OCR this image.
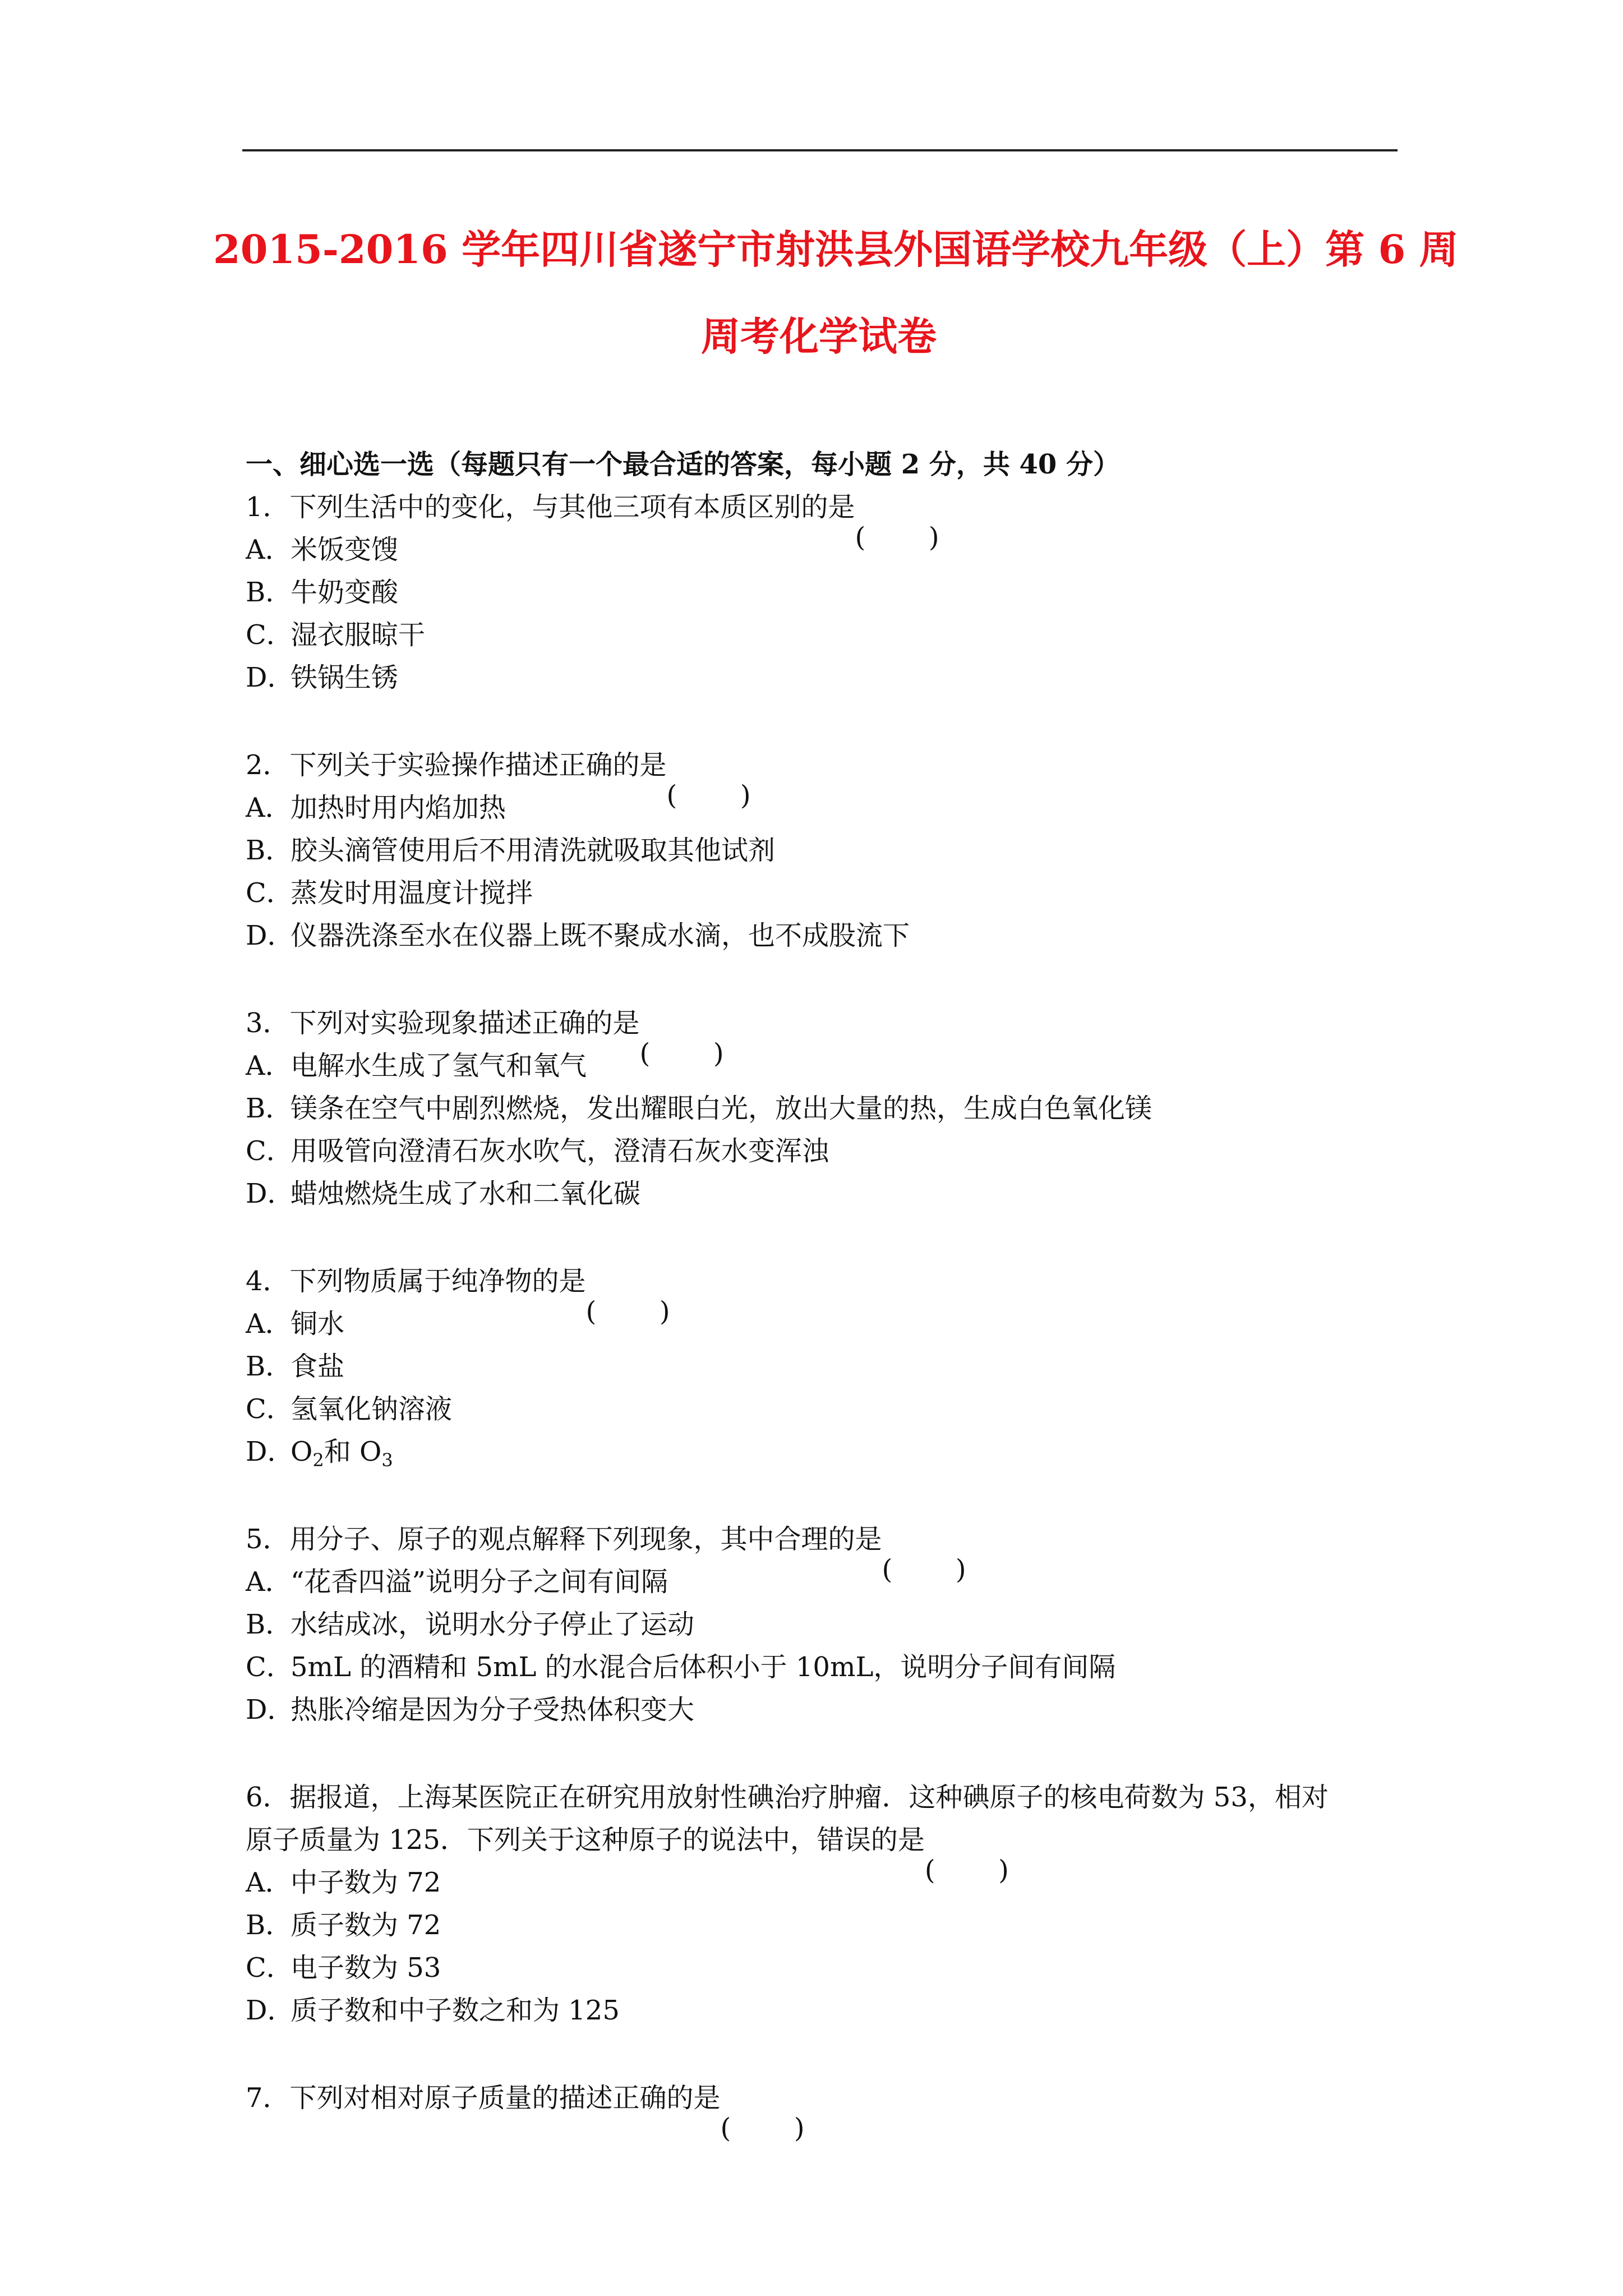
2015-2016 学年四川省遂宁市射洪县外国语学校九年级（上）第 6 周
周考化学试卷

一、细心选一选（每题只有一个最合适的答案，每小题 2 分，共 40 分）

1．下列生活中的变化，与其他三项有本质区别的是

A．米饭变馊
B．牛奶变酸
C．湿衣服晾干
D．铁锅生锈

2．下列关于实验操作描述正确的是

A．加热时用内焰加热
B．胶头滴管使用后不用清洗就吸取其他试剂
C．蒸发时用温度计搅拌
D．仪器洗涤至水在仪器上既不聚成水滴，也不成股流下

3．下列对实验现象描述正确的是

A．电解水生成了氢气和氧气
B．镁条在空气中剧烈燃烧，发出耀眼白光，放出大量的热，生成白色氧化镁
C．用吸管向澄清石灰水吹气，澄清石灰水变浑浊
D．蜡烛燃烧生成了水和二氧化碳

4．下列物质属于纯净物的是

A．铜水
B．食盐
C．氢氧化钠溶液
D．$O_2$和 $O_3$

5．用分子、原子的观点解释下列现象，其中合理的是

A．“花香四溢”说明分子之间有间隔
B．水结成冰，说明水分子停止了运动
C．5mL 的酒精和 5mL 的水混合后体积小于 10mL，说明分子间有间隔
D．热胀冷缩是因为分子受热体积变大

6．据报道，上海某医院正在研究用放射性碘治疗肿瘤．这种碘原子的核电荷数为 53，相对

原子质量为 125．下列关于这种原子的说法中，错误的是

A．中子数为 72
B．质子数为 72
C．电子数为 53
D．质子数和中子数之和为 125

7．下列对相对原子质量的描述正确的是
